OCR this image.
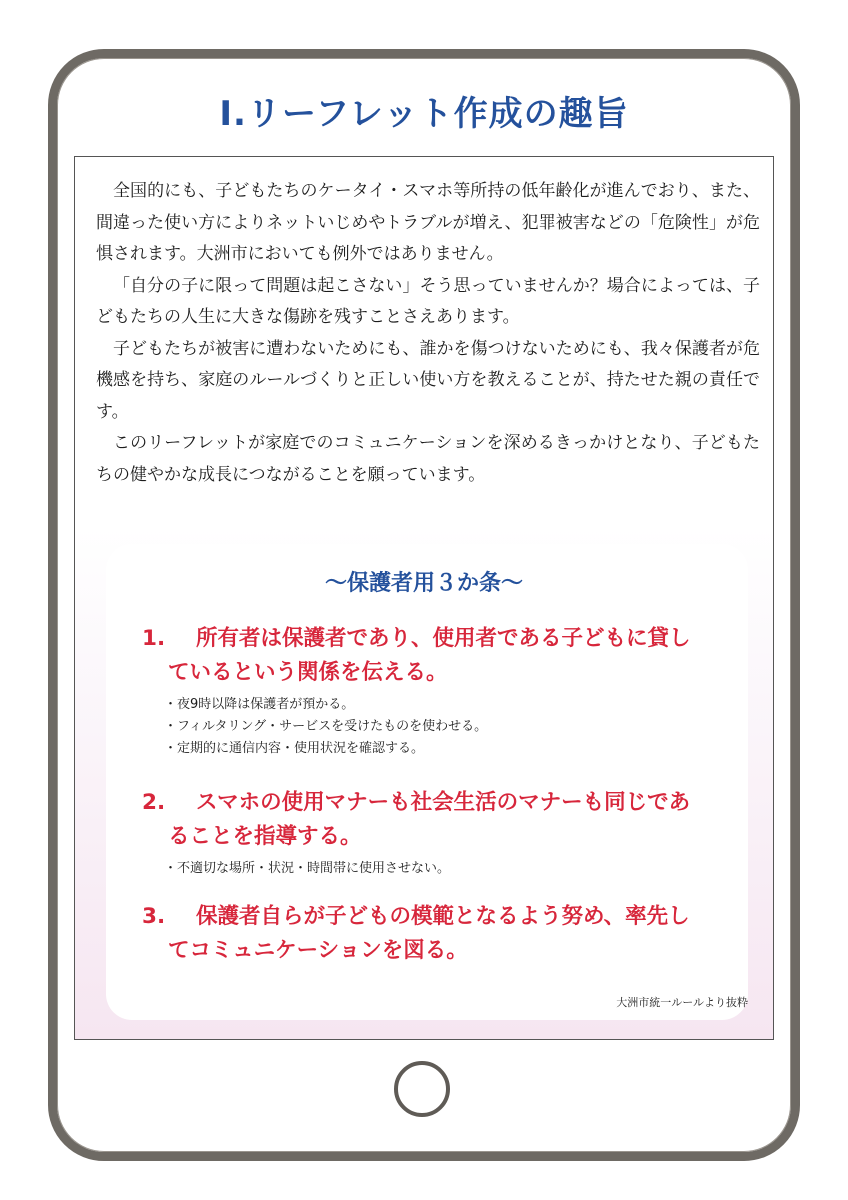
Ⅰ.リーフレット作成の趣旨

全国的にも、子どもたちのケータイ・スマホ等所持の低年齢化が進んでおり、また、間違った使い方によりネットいじめやトラブルが増え、犯罪被害などの「危険性」が危惧されます。大洲市においても例外ではありません。

「自分の子に限って問題は起こさない」そう思っていませんか？場合によっては、子どもたちの人生に大きな傷跡を残すことさえあります。

子どもたちが被害に遭わないためにも、誰かを傷つけないためにも、我々保護者が危機感を持ち、家庭のルールづくりと正しい使い方を教えることが、持たせた親の責任です。

このリーフレットが家庭でのコミュニケーションを深めるきっかけとなり、子どもたちの健やかな成長につながることを願っています。

～保護者用３か条～
1.	所有者は保護者であり、使用者である子どもに貸し
ているという関係を伝える。
・夜9時以降は保護者が預かる。
・フィルタリング・サービスを受けたものを使わせる。
・定期的に通信内容・使用状況を確認する。
2.	スマホの使用マナーも社会生活のマナーも同じであ
ることを指導する。
・不適切な場所・状況・時間帯に使用させない。
3.	保護者自らが子どもの模範となるよう努め、率先し
てコミュニケーションを図る。
大洲市統一ルールより抜粋
